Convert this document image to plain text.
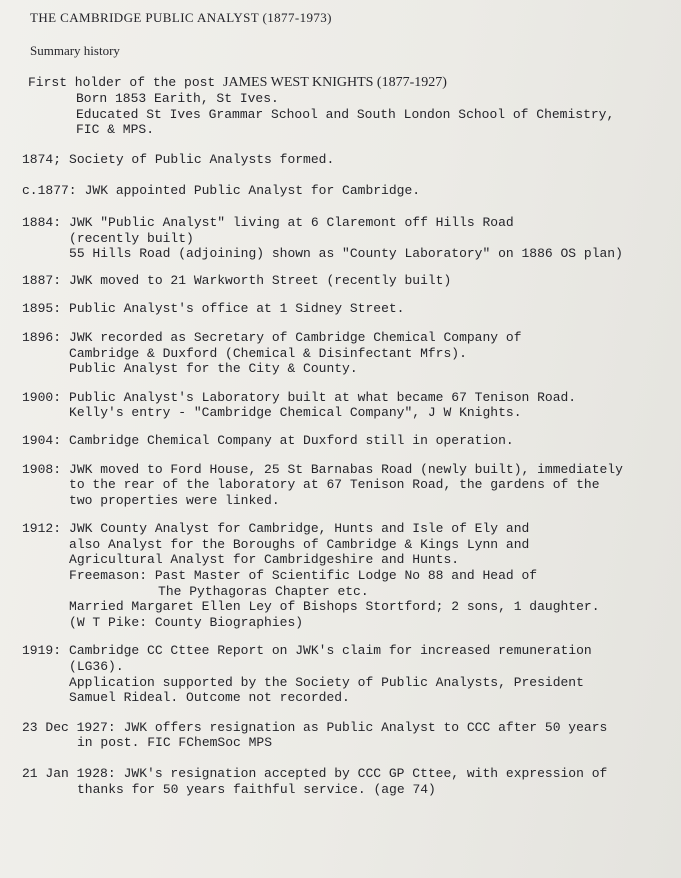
THE CAMBRIDGE PUBLIC ANALYST (1877-1973)
Summary history
First holder of the post JAMES WEST KNIGHTS (1877-1927)
Born 1853 Earith, St Ives.
Educated St Ives Grammar School and South London School of Chemistry,
FIC & MPS.
1874; Society of Public Analysts formed.
c.1877: JWK appointed Public Analyst for Cambridge.
1884: JWK "Public Analyst" living at 6 Claremont off Hills Road
(recently built)
55 Hills Road (adjoining) shown as "County Laboratory" on 1886 OS plan)
1887: JWK moved to 21 Warkworth Street (recently built)
1895: Public Analyst's office at 1 Sidney Street.
1896: JWK recorded as Secretary of Cambridge Chemical Company of
Cambridge & Duxford (Chemical & Disinfectant Mfrs).
Public Analyst for the City & County.
1900: Public Analyst's Laboratory built at what became 67 Tenison Road.
Kelly's entry - "Cambridge Chemical Company", J W Knights.
1904: Cambridge Chemical Company at Duxford still in operation.
1908: JWK moved to Ford House, 25 St Barnabas Road (newly built), immediately
to the rear of the laboratory at 67 Tenison Road, the gardens of the
two properties were linked.
1912: JWK County Analyst for Cambridge, Hunts and Isle of Ely and
also Analyst for the Boroughs of Cambridge & Kings Lynn and
Agricultural Analyst for Cambridgeshire and Hunts.
Freemason: Past Master of Scientific Lodge No 88 and Head of
The Pythagoras Chapter etc.
Married Margaret Ellen Ley of Bishops Stortford; 2 sons, 1 daughter.
(W T Pike: County Biographies)
1919: Cambridge CC Cttee Report on JWK's claim for increased remuneration
(LG36).
Application supported by the Society of Public Analysts, President
Samuel Rideal. Outcome not recorded.
23 Dec 1927: JWK offers resignation as Public Analyst to CCC after 50 years
in post. FIC FChemSoc MPS
21 Jan 1928: JWK's resignation accepted by CCC GP Cttee, with expression of
thanks for 50 years faithful service. (age 74)
